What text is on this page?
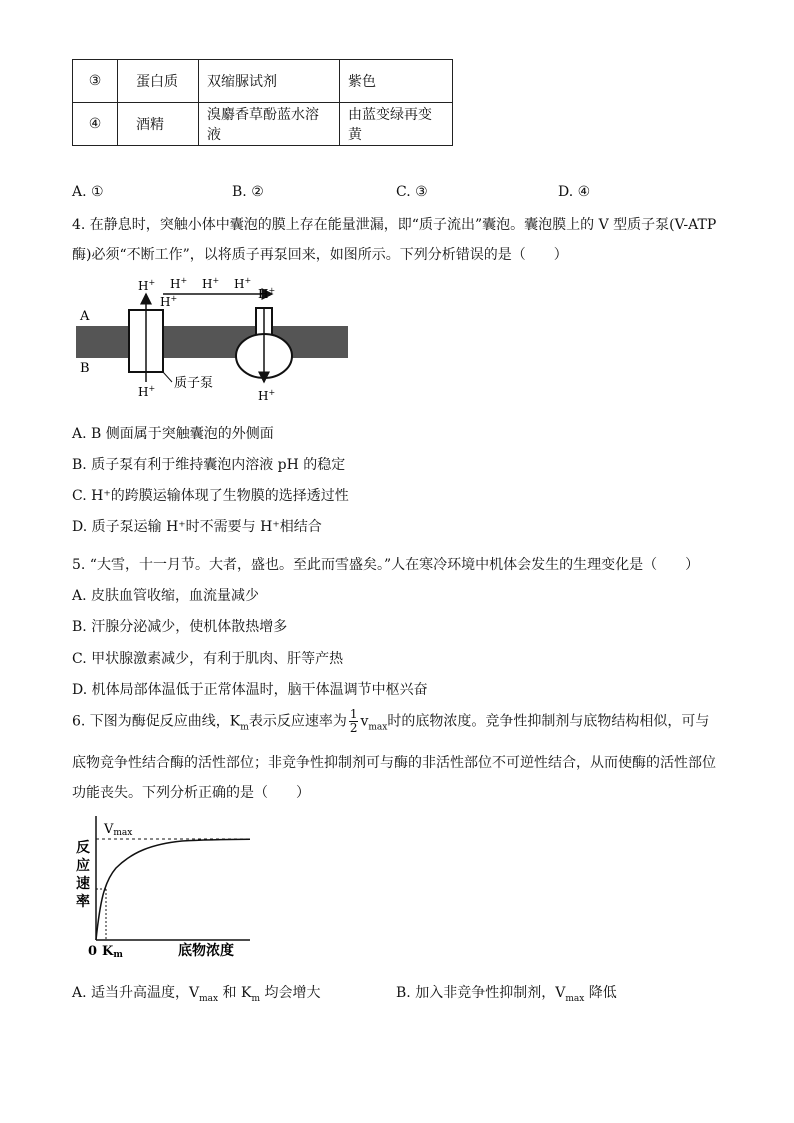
③	蛋白质	双缩脲试剂	紫色
④	酒精	溴麝香草酚蓝水溶液	由蓝变绿再变黄
A. ①	B. ②	C. ③	D. ④
4. 在静息时，突触小体中囊泡的膜上存在能量泄漏，即“质子流出”囊泡。囊泡膜上的 V 型质子泵(V-ATP
酶)必须“不断工作”，以将质子再泵回来，如图所示。下列分析错误的是（　　）
A
B
H+
H+
H+ H+ H+
H+	H+
H+
质子泵
A. B 侧面属于突触囊泡的外侧面
B. 质子泵有利于维持囊泡内溶液 pH 的稳定
C. H⁺的跨膜运输体现了生物膜的选择透过性
D. 质子泵运输 H⁺时不需要与 H⁺相结合
5. “大雪，十一月节。大者，盛也。至此而雪盛矣。”人在寒冷环境中机体会发生的生理变化是（　　）
A. 皮肤血管收缩，血流量减少
B. 汗腺分泌减少，使机体散热增多
C. 甲状腺激素减少，有利于肌肉、肝等产热
D. 机体局部体温低于正常体温时，脑干体温调节中枢兴奋
6. 下图为酶促反应曲线，$K_m$表示反应速率为 $\frac{1}{2} v_{max}$时的底物浓度。竞争性抑制剂与底物结构相似，可与
底物竞争性结合酶的活性部位；非竞争性抑制剂可与酶的非活性部位不可逆性结合，从而使酶的活性部位
功能丧失。下列分析正确的是（　　）
Vmax
反
应
速
率
0 Km	底物浓度
A. 适当升高温度，$V_{max}$ 和 $K_m$ 均会增大	B. 加入非竞争性抑制剂，$V_{max}$ 降低
